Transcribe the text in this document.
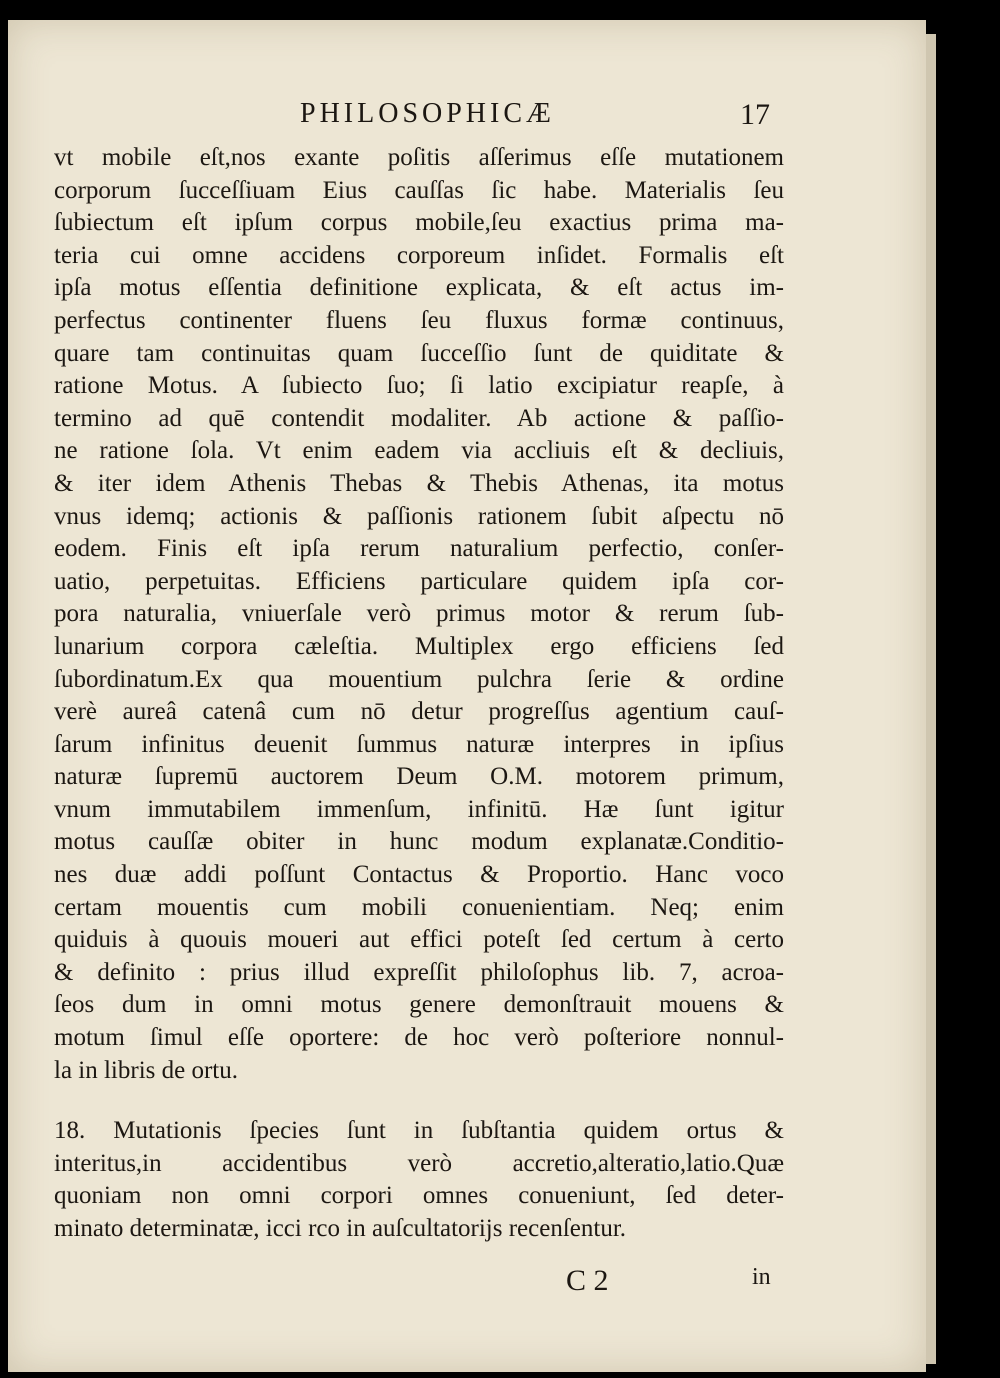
PHILOSOPHICÆ	17
vt mobile eſt,nos exante poſitis aſſerimus eſſe mutationem
corporum ſucceſſiuam Eius cauſſas ſic habe. Materialis ſeu
ſubiectum eſt ipſum corpus mobile,ſeu exactius prima ma-
teria cui omne accidens corporeum inſidet. Formalis eſt
ipſa motus eſſentia definitione explicata, & eſt actus im-
perfectus continenter fluens ſeu fluxus formæ continuus,
quare tam continuitas quam ſucceſſio ſunt de quiditate &
ratione Motus. A ſubiecto ſuo; ſi latio excipiatur reapſe, à
termino ad quē contendit modaliter. Ab actione & paſſio-
ne ratione ſola. Vt enim eadem via accliuis eſt & decliuis,
& iter idem Athenis Thebas & Thebis Athenas, ita motus
vnus idemq; actionis & paſſionis rationem ſubit aſpectu nō
eodem. Finis eſt ipſa rerum naturalium perfectio, conſer-
uatio, perpetuitas. Efficiens particulare quidem ipſa cor-
pora naturalia, vniuerſale verò primus motor & rerum ſub-
lunarium corpora cæleſtia. Multiplex ergo efficiens ſed
ſubordinatum.Ex qua mouentium pulchra ſerie & ordine
verè aureâ catenâ cum nō detur progreſſus agentium cauſ-
ſarum infinitus deuenit ſummus naturæ interpres in ipſius
naturæ ſupremū auctorem Deum O.M. motorem primum,
vnum immutabilem immenſum, infinitū. Hæ ſunt igitur
motus cauſſæ obiter in hunc modum explanatæ.Conditio-
nes duæ addi poſſunt Contactus & Proportio. Hanc voco
certam mouentis cum mobili conuenientiam. Neq; enim
quiduis à quouis moueri aut effici poteſt ſed certum à certo
& definito : prius illud expreſſit philoſophus lib. 7, acroa-
ſeos dum in omni motus genere demonſtrauit mouens &
motum ſimul eſſe oportere: de hoc verò poſteriore nonnul-
la in libris de ortu.
18. Mutationis ſpecies ſunt in ſubſtantia quidem ortus &
interitus,in accidentibus verò accretio,alteratio,latio.Quæ
quoniam non omni corpori omnes conueniunt, ſed deter-
minato determinatæ, icci rco in auſcultatorijs recenſentur.
C 2	in
